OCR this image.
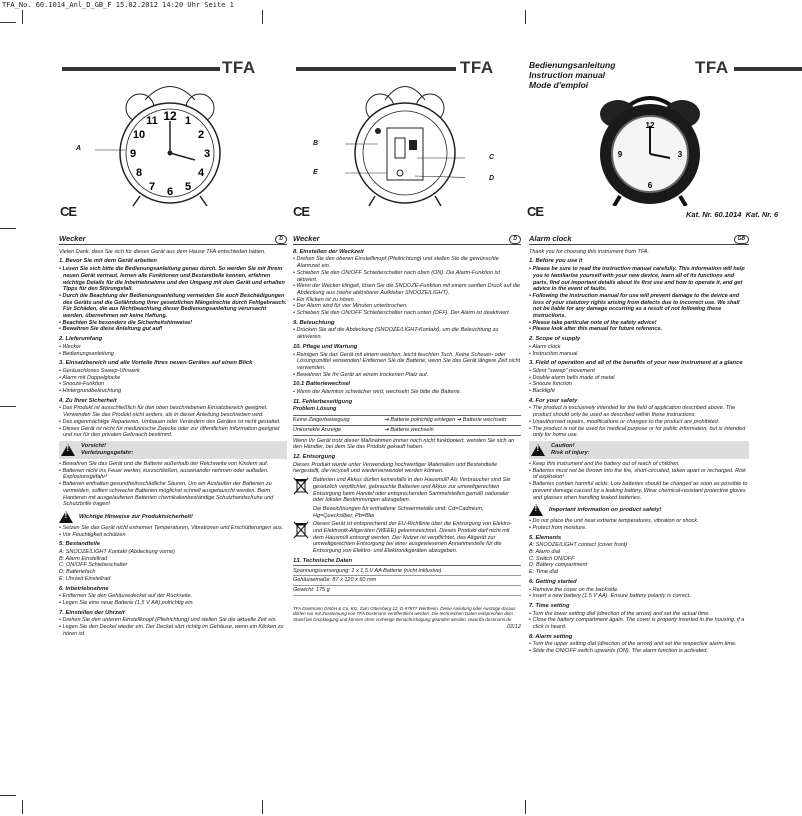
TFA_No. 60.1014_Anl_D_GB_F 15.02.2012 14:20 Uhr Seite 1
TFA	TFA	TFA
Bedienungsanleitung
Instruction manual
Mode d'emploi
12 1
2
3
4
5
6
7
8
9
10
11
A
B
E
C
D
12
3
6
9
Kat. Nr. 60.1014 Kat. Nr. 6
CE	CE	CE
Wecker	D

Vielen Dank, dass Sie sich für dieses Gerät aus dem Hause TFA entschieden haben.

1. Bevor Sie mit dem Gerät arbeiten
• Lesen Sie sich bitte die Bedienungsanleitung genau durch. So werden Sie mit Ihrem neuen Gerät vertraut, lernen alle Funktionen und Bestandteile kennen, erfahren wichtige Details für die Inbetriebnahme und den Umgang mit dem Gerät und erhalten Tipps für den Störungsfall.
• Durch die Beachtung der Bedienungsanleitung vermeiden Sie auch Beschädigungen des Geräts und die Gefährdung Ihrer gesetzlichen Mängelrechte durch Fehlgebrauch. Für Schäden, die aus Nichtbeachtung dieser Bedienungsanleitung verursacht werden, übernehmen wir keine Haftung.
• Beachten Sie besonders die Sicherheitshinweise!
• Bewahren Sie diese Anleitung gut auf!
2. Lieferumfang
• Wecker
• Bedienungsanleitung
3. Einsatzbereich und alle Vorteile Ihres neuen Gerätes auf einen Blick
• Geräuschloses Sweep-Uhrwerk
• Alarm mit Doppelglocke
• Snooze-Funktion
• Hintergrundbeleuchtung
4. Zu Ihrer Sicherheit
• Das Produkt ist ausschließlich für den oben beschriebenen Einsatzbereich geeignet. Verwenden Sie das Produkt nicht anders, als in dieser Anleitung beschrieben wird.
• Das eigenmächtige Reparieren, Umbauen oder Verändern des Gerätes ist nicht gestattet.
• Dieses Gerät ist nicht für medizinische Zwecke oder zur öffentlichen Information geeignet und nur für den privaten Gebrauch bestimmt.
!
Vorsicht!
Verletzungsgefahr:
• Bewahren Sie das Gerät und die Batterie außerhalb der Reichweite von Kindern auf.
• Batterien nicht ins Feuer werfen, kurzschließen, auseinander nehmen oder aufladen. Explosionsgefahr!
• Batterien enthalten gesundheitsschädliche Säuren. Um ein Auslaufen der Batterien zu vermeiden, sollten schwache Batterien möglichst schnell ausgetauscht werden. Beim Hantieren mit ausgelaufenen Batterien chemikalienbeständige Schutzhandschuhe und Schutzbrille tragen!
!
Wichtige Hinweise zur Produktsicherheit!
• Setzen Sie das Gerät nicht extremen Temperaturen, Vibrationen und Erschütterungen aus.
• Vor Feuchtigkeit schützen
5. Bestandteile

A: SNOOZE/LIGHT Kontakt (Abdeckung vorne)

B: Alarm Einstellrad

C: ON/OFF Schiebeschalter

D: Batteriefach

E: Uhrzeit Einstellrad

6. Inbetriebnahme
• Entfernen Sie den Gehäusedeckel auf der Rückseite.
• Legen Sie eine neue Batterie (1,5 V AA) polrichtig ein.
7. Einstellen der Uhrzeit
• Drehen Sie den unteren Einstellknopf (Pfeilrichtung) und stellen Sie die aktuelle Zeit ein.
• Legen Sie den Deckel wieder ein. Der Deckel sitzt richtig im Gehäuse, wenn ein Klicken zu hören ist.
Wecker	D
8. Einstellen der Weckzeit
• Drehen Sie den oberen Einstellknopf (Pfeilrichtung) und stellen Sie die gewünschte Alarmzeit ein.
• Schieben Sie den ON/OFF Schiebeschalter nach oben (ON). Die Alarm-Funktion ist aktiviert.
• Wenn der Wecker klingelt, lösen Sie die SNOOZE-Funktion mit einem sanften Druck auf die Abdeckung aus (siehe ablösbarer Aufkleber SNOOZE/LIGHT).
• Ein Klicken ist zu hören.
• Der Alarm wird für vier Minuten unterbrochen.
• Schieben Sie den ON/OFF Schiebeschalter nach unten (OFF). Der Alarm ist deaktiviert.
9. Beleuchtung
• Drücken Sie auf die Abdeckung (SNOOZE/LIGHT-Kontakt), um die Beleuchtung zu aktivieren.
10. Pflege und Wartung
• Reinigen Sie das Gerät mit einem weichen, leicht feuchten Tuch. Keine Scheuer- oder Lösungsmittel verwenden! Entfernen Sie die Batterie, wenn Sie das Gerät längere Zeit nicht verwenden.
• Bewahren Sie Ihr Gerät an einem trockenen Platz auf.
10.1 Batteriewechsel
• Wenn der Alarmton schwächer wird, wechseln Sie bitte die Batterie.
11. Fehlerbeseitigung

Problem Lösung

Keine Zeigerbewegung	➔ Batterie polrichtig einlegen ➔ Batterie wechseln
Unkorrekte Anzeige	➔ Batterie wechseln

Wenn Ihr Gerät trotz dieser Maßnahmen immer noch nicht funktioniert, wenden Sie sich an den Händler, bei dem Sie das Produkt gekauft haben.

12. Entsorgung

Dieses Produkt wurde unter Verwendung hochwertiger Materialien und Bestandteile hergestellt, die recycelt und wiederverwendet werden können.

Batterien und Akkus dürfen keinesfalls in den Hausmüll! Als Verbraucher sind Sie gesetzlich verpflichtet, gebrauchte Batterien und Akkus zur umweltgerechten Entsorgung beim Handel oder entsprechenden Sammelstellen gemäß nationaler oder lokaler Bestimmungen abzugeben.

Die Bezeichnungen für enthaltene Schwermetalle sind: Cd=Cadmium, Hg=Quecksilber, Pb=Blei

Dieses Gerät ist entsprechend der EU-Richtlinie über die Entsorgung von Elektro- und Elektronik-Altgeräten (WEEE) gekennzeichnet. Dieses Produkt darf nicht mit dem Hausmüll entsorgt werden. Der Nutzer ist verpflichtet, das Altgerät zur umweltgerechten Entsorgung bei einer ausgewiesenen Annahmestelle für die Entsorgung von Elektro- und Elektronikgeräten abzugeben.

13. Technische Daten

Spannungsversorgung: 1 x 1,5 V AA Batterie (nicht inklusive)

Gehäusemaße: 87 x 120 x 60 mm

Gewicht: 175 g

TFA Dostmann GmbH & Co. KG, Zum Ottersberg 12, D-97877 Wertheim. Diese Anleitung oder Auszüge daraus dürfen nur mit Zustimmung von TFA Dostmann veröffentlicht werden. Die technischen Daten entsprechen dem Stand bei Drucklegung und können ohne vorherige Benachrichtigung geändert werden. www.tfa-dostmann.de

02/12

Alarm clock	GB

Thank you for choosing this instrument from TFA.

1. Before you use it
• Please be sure to read the instruction manual carefully. This information will help you to familiarise yourself with your new device, learn all of its functions and parts, find out important details about its first use and how to operate it, and get advice in the event of faults.
• Following the instruction manual for use will prevent damage to the device and loss of your statutory rights arising from defects due to incorrect use. We shall not be liable for any damage occurring as a result of not following these instructions.
• Please take particular note of the safety advice!
• Please look after this manual for future reference.
2. Scope of supply
• Alarm clock
• Instruction manual
3. Field of operation and all of the benefits of your new instrument at a glance
• Silent "sweep" movement
• Double alarm bells made of metal
• Snooze function
• Backlight
4. For your safety
• The product is exclusively intended for the field of application described above. The product should only be used as described within these instructions.
• Unauthorised repairs, modifications or changes to the product are prohibited.
• The product is not be used for medical purpose or for public information, but is intended only for home use.
!
Caution!
Risk of injury:
• Keep this instrument and the battery out of reach of children.
• Batteries must not be thrown into the fire, short-circuited, taken apart or recharged. Risk of explosion!
• Batteries contain harmful acids. Low batteries should be changed as soon as possible to prevent damage caused by a leaking battery. Wear chemical-resistant protective gloves and glasses when handling leaked batteries.
!
Important information on product safety!
• Do not place the unit near extreme temperatures, vibration or shock.
• Protect from moisture.
5. Elements

A: SNOOZE/LIGHT contact (cover front)

B: Alarm dial

C: Switch ON/OFF

D: Battery compartment

E: Time dial

6. Getting started
• Remove the cover on the backside.
• Insert a new battery (1.5 V AA). Ensure battery polarity is correct.
7. Time setting
• Turn the lower setting dial (direction of the arrow) and set the actual time.
• Close the battery compartment again. The cover is properly inserted in the housing, if a click is heard.
8. Alarm setting
• Turn the upper setting dial (direction of the arrow) and set the respective alarm time.
• Slide the ON/OFF switch upwards (ON). The alarm function is activated.
